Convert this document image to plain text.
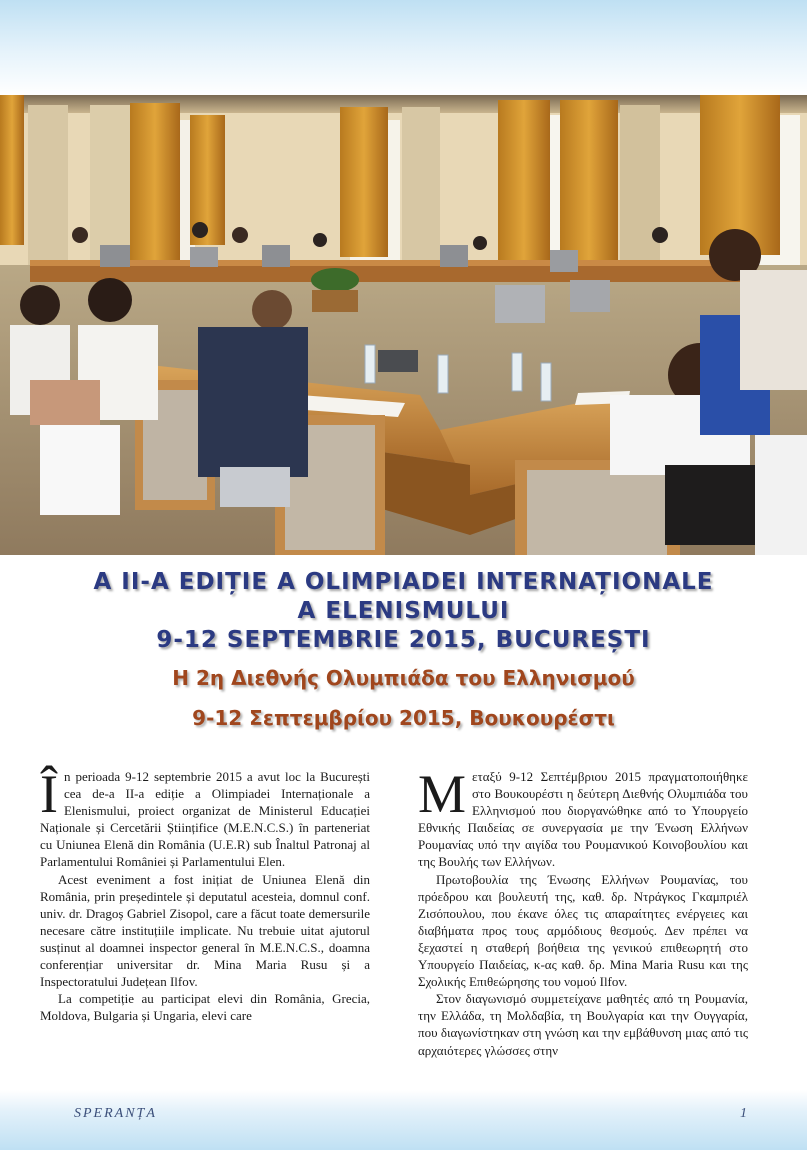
A II-A EDIȚIE A OLIMPIADEI INTERNAȚIONALE

A ELENISMULUI

9-12 SEPTEMBRIE 2015, BUCUREȘTI

Η 2η Διεθνής Ολυμπιάδα του Ελληνισμού

9-12 Σεπτεμβρίου 2015, Βουκουρέστι

În perioada 9-12 septembrie 2015 a avut loc la București cea de-a II-a ediție a Olimpiadei Internaționale a Elenismului, proiect organizat de Ministerul Educației Naționale și Cercetării Științifice (M.E.N.C.S.) în parteneriat cu Uniunea Elenă din România (U.E.R) sub Înaltul Patronaj al Parlamentului României și Parlamentului Elen.

Acest eveniment a fost inițiat de Uniunea Elenă din România, prin președintele și deputatul acesteia, domnul conf. univ. dr. Dragoș Gabriel Zisopol, care a făcut toate demersurile necesare către instituțiile implicate. Nu trebuie uitat ajutorul susținut al doamnei inspector general în M.E.N.C.S., doamna conferențiar universitar dr. Mina Maria Rusu și a Inspectoratului Județean Ilfov.

La competiție au participat elevi din România, Grecia, Moldova, Bulgaria și Ungaria, elevi care

Μεταξύ 9-12 Σεπτέμβριου 2015 πραγματοποιήθηκε στο Βουκουρέστι η δεύτερη Διεθνής Ολυμπιάδα του Ελληνισμού που διοργανώθηκε από το Υπουργείο Εθνικής Παιδείας σε συνεργασία με την Ένωση Ελλήνων Ρουμανίας υπό την αιγίδα του Ρουμανικού Κοινοβουλίου και της Βουλής των Ελλήνων.

Πρωτοβουλία της Ένωσης Ελλήνων Ρουμανίας, του πρόεδρου και βουλευτή της, καθ. δρ. Ντράγκος Γκαμπριέλ Ζισόπουλου, που έκανε όλες τις απαραίτητες ενέργειες και διαβήματα προς τους αρμόδιους θεσμούς. Δεν πρέπει να ξεχαστεί η σταθερή βοήθεια της γενικού επιθεωρητή στο Υπουργείο Παιδείας, κ-ας καθ. δρ. Mina Maria Rusu και της Σχολικής Επιθεώρησης του νομού Ilfov.

Στον διαγωνισμό συμμετείχανε μαθητές από τη Ρουμανία, την Ελλάδα, τη Μολδαβία, τη Βουλγαρία και την Ουγγαρία, που διαγωνίστηκαν στη γνώση και την εμβάθυνση μιας από τις αρχαιότερες γλώσσες στην

SPERANȚA	1
